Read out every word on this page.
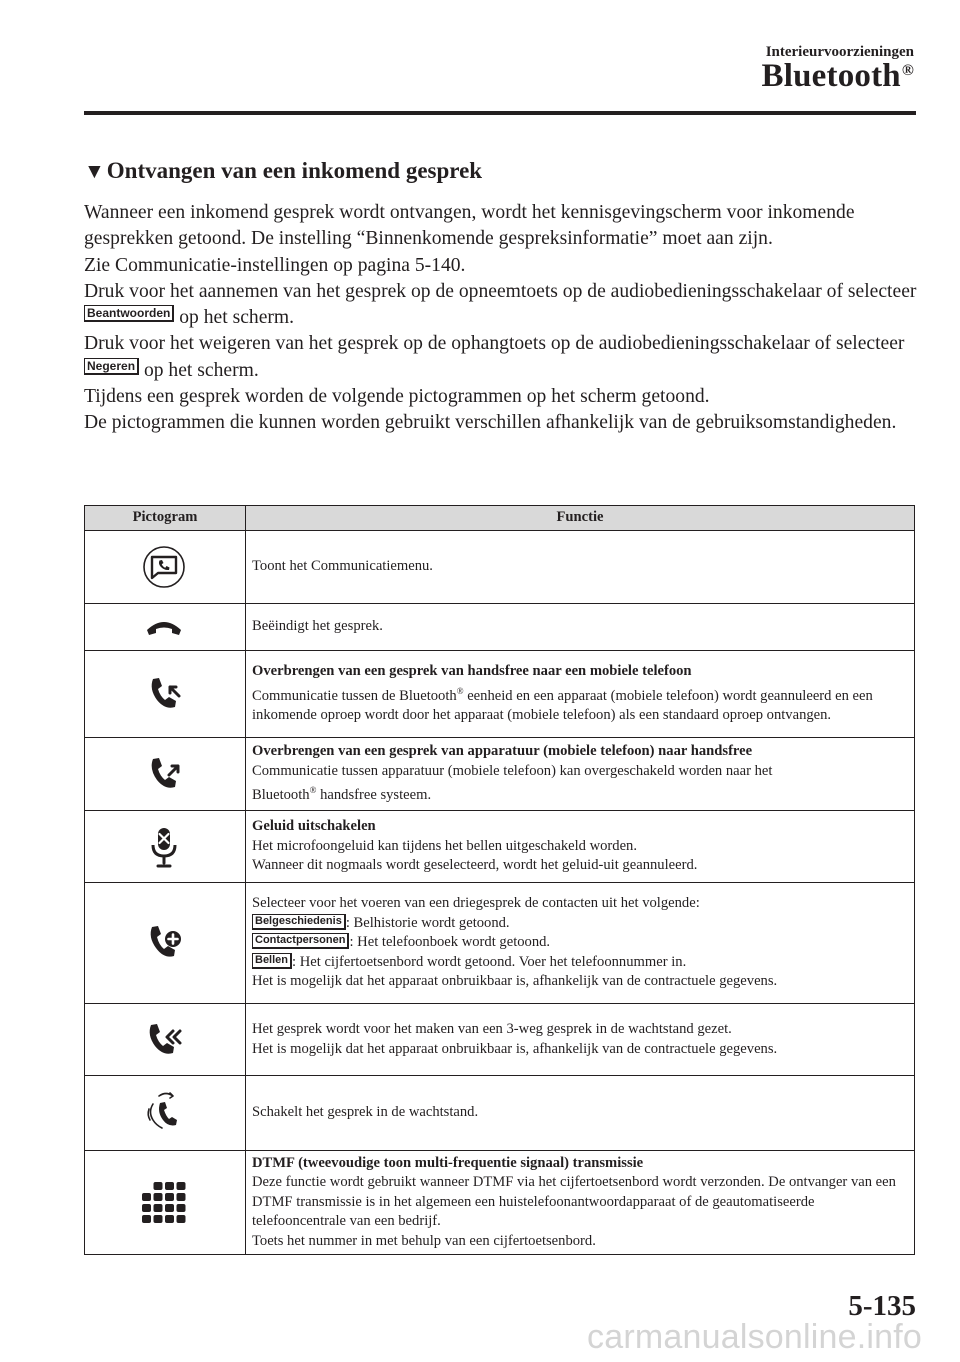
Interieurvoorzieningen
Bluetooth®
▼Ontvangen van een inkomend gesprek

Wanneer een inkomend gesprek wordt ontvangen, wordt het kennisgevingscherm voor inkomende gesprekken getoond. De instelling “Binnenkomende gespreksinformatie” moet aan zijn.

Zie Communicatie-instellingen op pagina 5-140.

Druk voor het aannemen van het gesprek op de opneemtoets op de audiobedieningsschakelaar of selecteer Beantwoorden op het scherm.

Druk voor het weigeren van het gesprek op de ophangtoets op de audiobedieningsschakelaar of selecteer Negeren op het scherm.

Tijdens een gesprek worden de volgende pictogrammen op het scherm getoond.

De pictogrammen die kunnen worden gebruikt verschillen afhankelijk van de gebruiksomstandigheden.

Pictogram	Functie

	Toont het Communicatiemenu.

	Beëindigt het gesprek.

Overbrengen van een gesprek van handsfree naar een mobiele telefoon
Communicatie tussen de Bluetooth® eenheid en een apparaat (mobiele telefoon) wordt geannuleerd en een inkomende oproep wordt door het apparaat (mobiele telefoon) als een standaard oproep ontvangen.

Overbrengen van een gesprek van apparatuur (mobiele telefoon) naar handsfree
Communicatie tussen apparatuur (mobiele telefoon) kan overgeschakeld worden naar het
Bluetooth® handsfree systeem.

Geluid uitschakelen
Het microfoongeluid kan tijdens het bellen uitgeschakeld worden.
Wanneer dit nogmaals wordt geselecteerd, wordt het geluid-uit geannuleerd.

Selecteer voor het voeren van een driegesprek de contacten uit het volgende:
Belgeschiedenis : Belhistorie wordt getoond.
Contactpersonen : Het telefoonboek wordt getoond.
Bellen : Het cijfertoetsenbord wordt getoond. Voer het telefoonnummer in.
Het is mogelijk dat het apparaat onbruikbaar is, afhankelijk van de contractuele gegevens.

Het gesprek wordt voor het maken van een 3-weg gesprek in de wachtstand gezet.
Het is mogelijk dat het apparaat onbruikbaar is, afhankelijk van de contractuele gegevens.

	Schakelt het gesprek in de wachtstand.

DTMF (tweevoudige toon multi-frequentie signaal) transmissie
Deze functie wordt gebruikt wanneer DTMF via het cijfertoetsenbord wordt verzonden. De ontvanger van een DTMF transmissie is in het algemeen een huistelefoonantwoordapparaat of de geautomatiseerde telefooncentrale van een bedrijf.
Toets het nummer in met behulp van een cijfertoetsenbord.
5-135
carmanualsonline.info
